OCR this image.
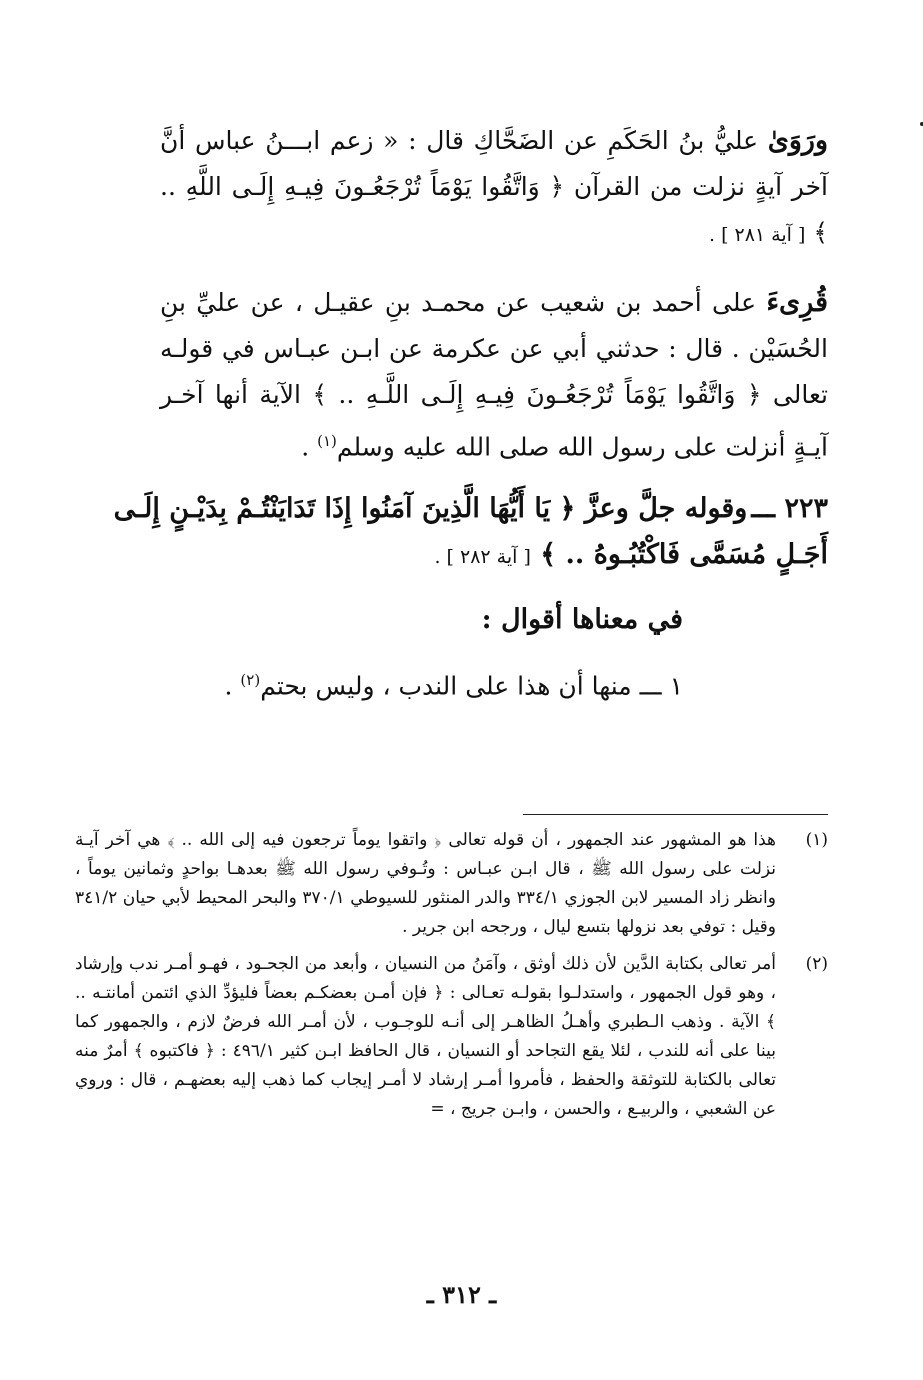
ورَوَىٰ عليُّ بنُ الحَكَمِ عن الضَحَّاكِ قال : « زعم ابـــنُ عباس أنَّ آخر آيةٍ نزلت من القرآن ﴿ وَاتَّقُوا يَوْمَاً تُرْجَعُـونَ فِيـهِ إِلَـى اللَّهِ .. ﴾ [ آية ٢٨١ ] .

قُرِىءَ على أحمد بن شعيب عن محمـد بنِ عقيـل ، عن عليِّ بنِ الحُسَيْن . قال : حدثني أبي عن عكرمة عن ابـن عبـاس في قولـه تعالى ﴿ وَاتَّقُوا يَوْمَاً تُرْجَعُـونَ فِيـهِ إِلَـى اللَّـهِ .. ﴾ الآية أنها آخـر آيـةٍ أنزلت على رسول الله صلى الله عليه وسلم$^{(١)}$ .

٢٢٣ ـــوقوله جلَّ وعزَّ ﴿ يَا أَيُّهَا الَّذِينَ آمَنُوا إِذَا تَدَايَنْتُـمْ بِدَيْـنٍ إِلَـى أَجَـلٍ مُسَمَّى فَاكْتُبُـوهُ .. ﴾ [ آية ٢٨٢ ] .

في معناها أقوال :

١ ـــ منها أن هذا على الندب ، وليس بحتم$^{(٢)}$ .

(١)
هذا هو المشهور عند الجمهور ، أن قوله تعالى ﴿ واتقوا يوماً ترجعون فيه إلى الله .. ﴾ هي آخر آيـة نزلت على رسول الله ﷺ ، قال ابـن عبـاس : وتُـوفي رسول الله ﷺ بعدهـا بواحدٍ وثمانين يوماً ، وانظر زاد المسير لابن الجوزي ٣٣٤/١ والدر المنثور للسيوطي ٣٧٠/١ والبحر المحيط لأبي حيان ٣٤١/٢ وقيل : توفي بعد نزولها بتسع ليال ، ورجحه ابن جرير .

(٢)
أمر تعالى بكتابة الدَّين لأن ذلك أوثق ، وآمَنُ من النسيان ، وأبعد من الجحـود ، فهـو أمـر ندب وإرشاد ، وهو قول الجمهور ، واستدلـوا بقولـه تعـالى : ﴿ فإن أمـن بعضكـم بعضاً فليؤدِّ الذي ائتمن أمانتـه .. ﴾ الآية . وذهب الـطبري وأهـلُ الظاهـر إلى أنـه للوجـوب ، لأن أمـر الله فرضٌ لازم ، والجمهور كما بينا على أنه للندب ، لئلا يقع التجاحد أو النسيان ، قال الحافظ ابـن كثير ٤٩٦/١ : ﴿ فاكتبوه ﴾ أمرٌ منه تعالى بالكتابة للتوثقة والحفظ ، فأمروا أمـر إرشاد لا أمـر إيجاب كما ذهب إليه بعضهـم ، قال : وروي عن الشعبي ، والربيـع ، والحسن ، وابـن جريج ، =

ـ ٣١٢ ـ
